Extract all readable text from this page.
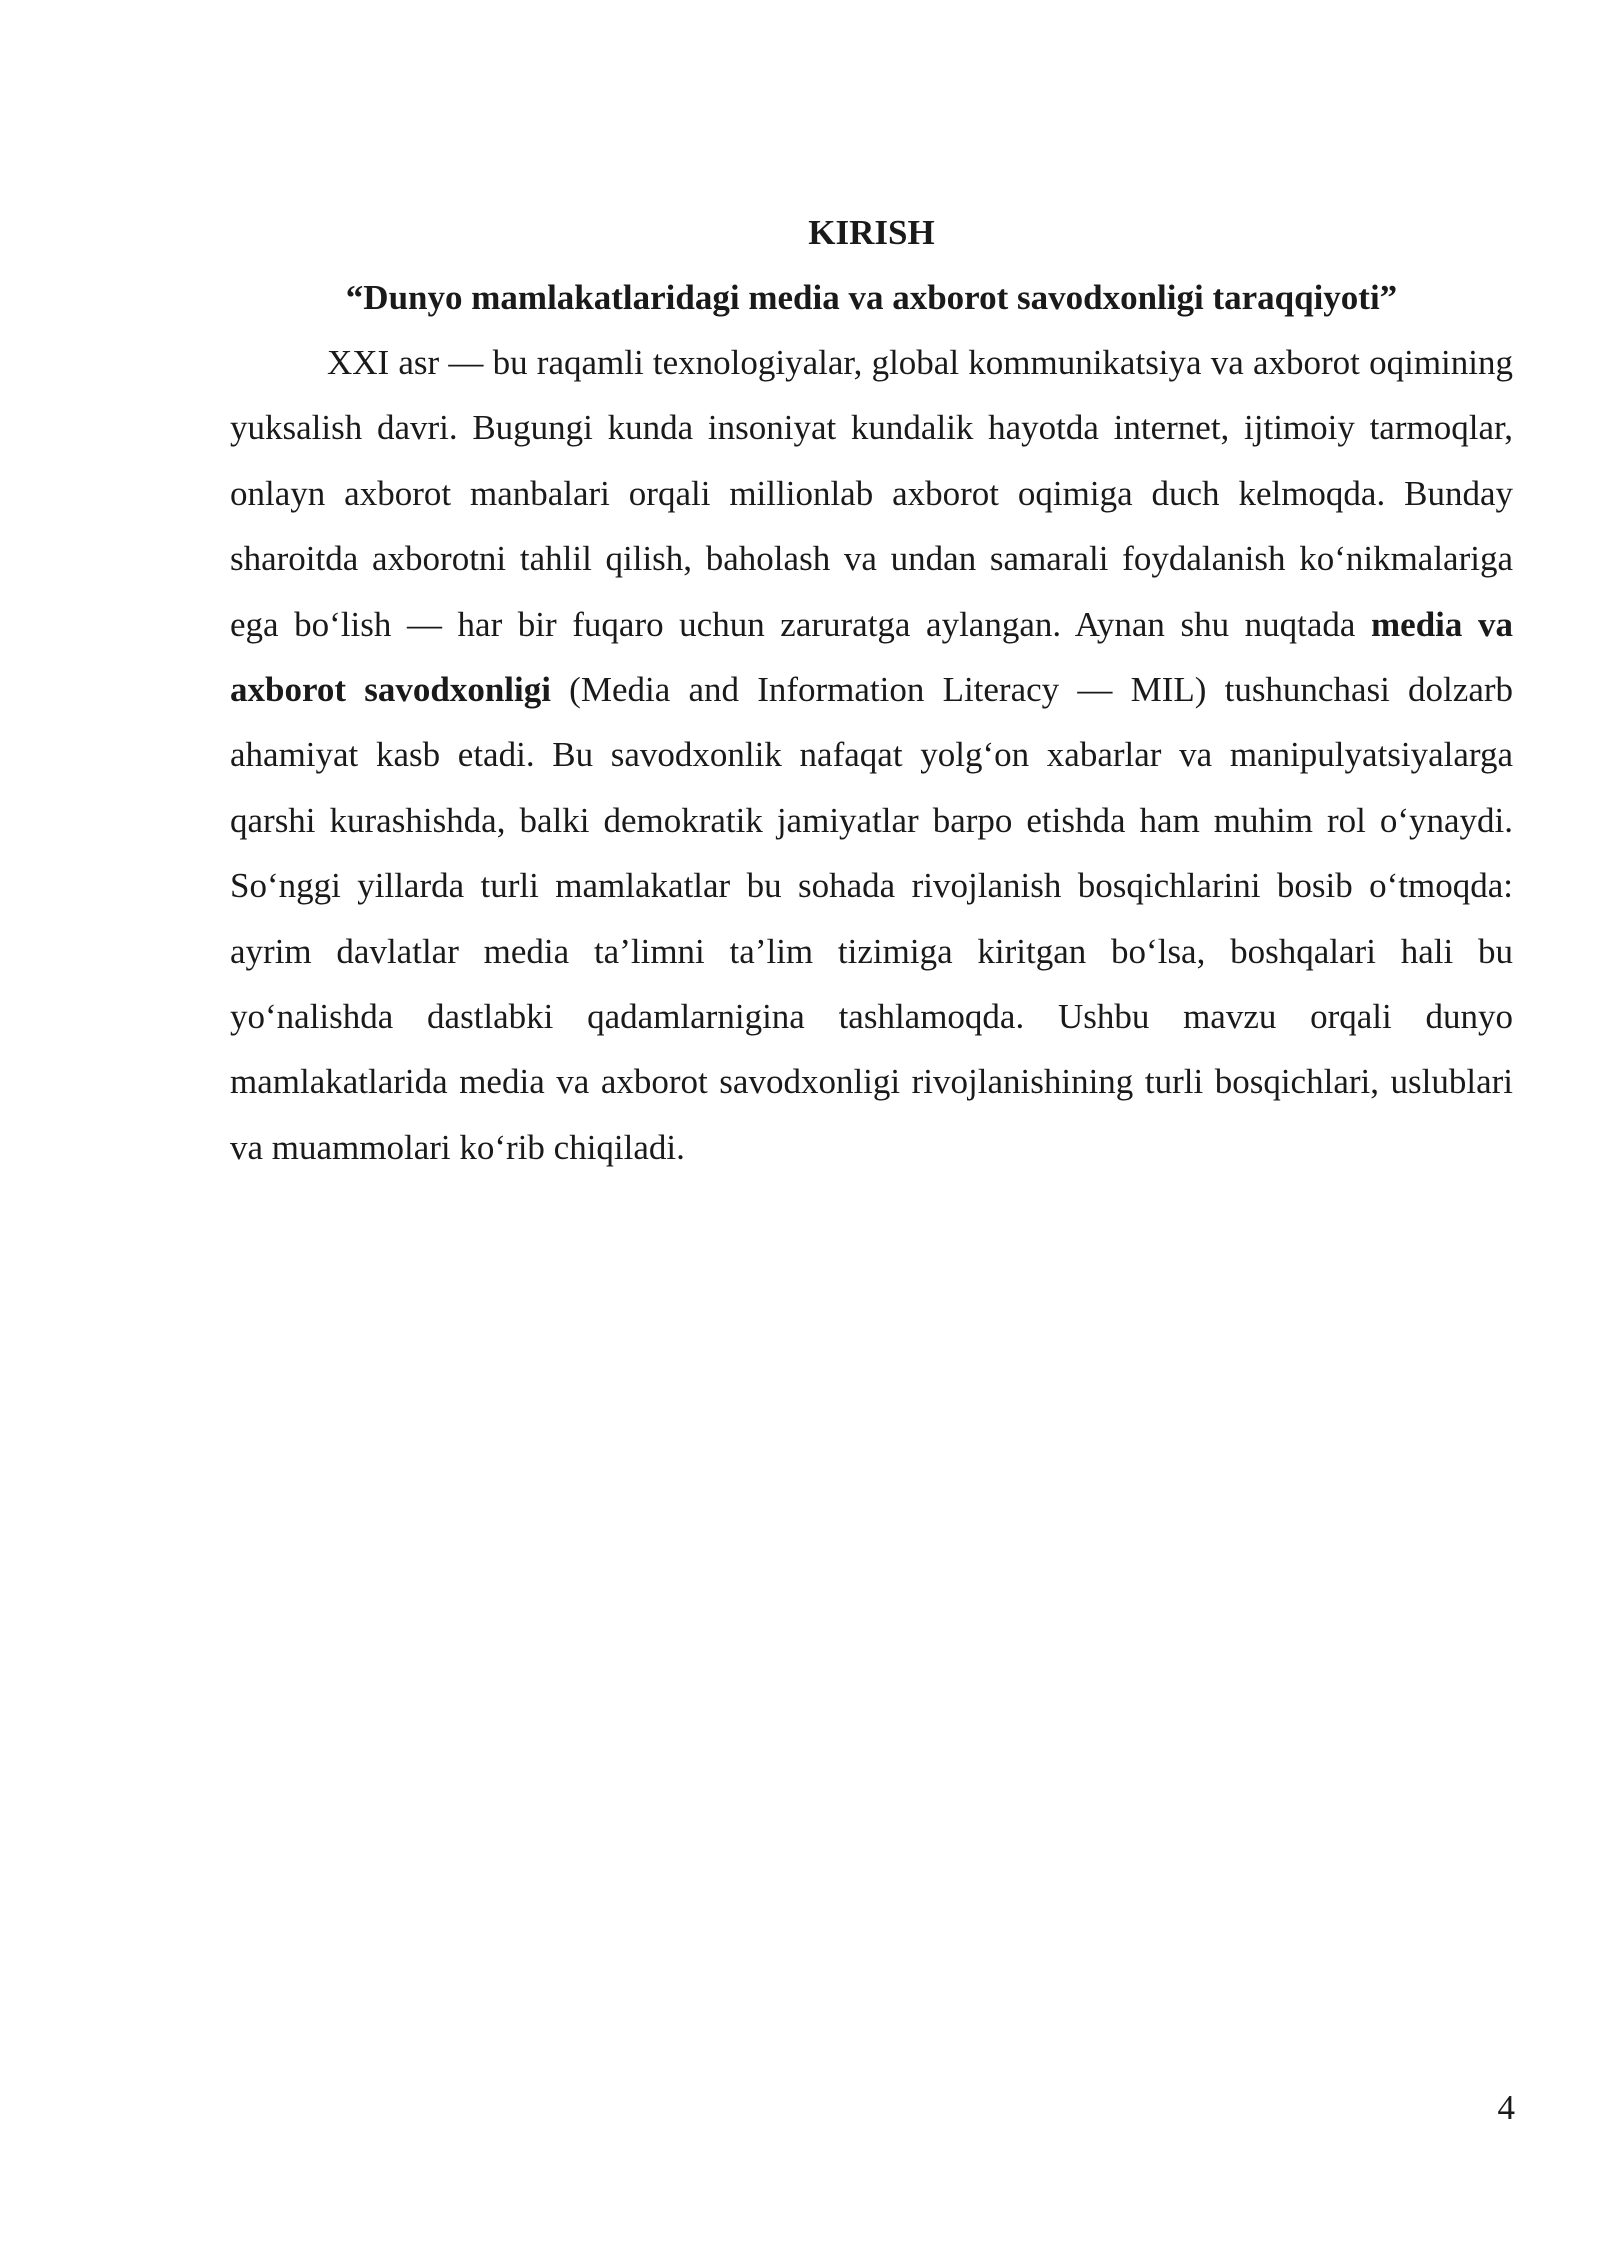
KIRISH
“Dunyo mamlakatlaridagi media va axborot savodxonligi taraqqiyoti”

XXI asr — bu raqamli texnologiyalar, global kommunikatsiya va axborot oqimining yuksalish davri. Bugungi kunda insoniyat kundalik hayotda internet, ijtimoiy tarmoqlar, onlayn axborot manbalari orqali millionlab axborot oqimiga duch kelmoqda. Bunday sharoitda axborotni tahlil qilish, baholash va undan samarali foydalanish ko‘nikmalariga ega bo‘lish — har bir fuqaro uchun zaruratga aylangan. Aynan shu nuqtada media va axborot savodxonligi (Media and Information Literacy — MIL) tushunchasi dolzarb ahamiyat kasb etadi. Bu savodxonlik nafaqat yolg‘on xabarlar va manipulyatsiyalarga qarshi kurashishda, balki demokratik jamiyatlar barpo etishda ham muhim rol o‘ynaydi. So‘nggi yillarda turli mamlakatlar bu sohada rivojlanish bosqichlarini bosib o‘tmoqda: ayrim davlatlar media ta’limni ta’lim tizimiga kiritgan bo‘lsa, boshqalari hali bu yo‘nalishda dastlabki qadamlarnigina tashlamoqda. Ushbu mavzu orqali dunyo mamlakatlarida media va axborot savodxonligi rivojlanishining turli bosqichlari, uslublari va muammolari ko‘rib chiqiladi.

4
